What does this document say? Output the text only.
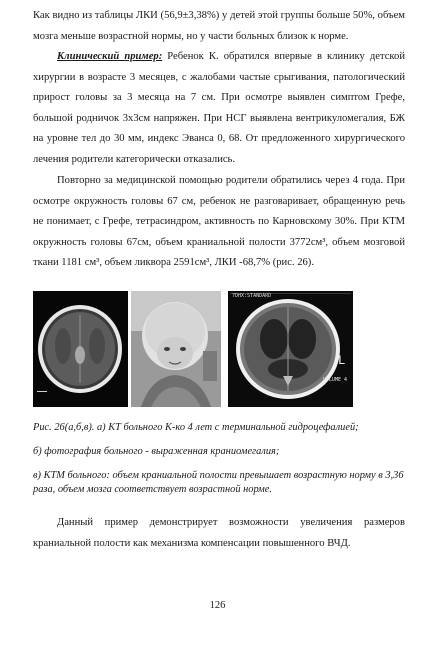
Как видно из таблицы ЛКИ (56,9±3,38%) у детей этой группы больше 50%, объем мозга меньше возрастной нормы, но у части больных близок к норме.

Клинический пример: Ребенок К. обратился впервые в клинику детской хирургии в возрасте 3 месяцев, с жалобами частые срыгивания, патологический прирост головы за 3 месяца на 7 см. При осмотре выявлен симптом Грефе, большой родничок 3х3см напряжен. При НСГ выявлена вентрикуломегалия, БЖ на уровне тел до 30 мм, индекс Эванса 0, 68. От предложенного хирургического лечения родители категорически отказались.

Повторно за медицинской помощью родители обратились через 4 года. При осмотре окружность головы 67 см, ребенок не разговаривает, обращенную речь не понимает, с Грефе, тетрасиндром, активность по Карновскому 30%. При КТМ окружность головы 67см, объем краниальной полости 3772см³, объем мозговой ткани 1181 см³, объем ликвора 2591см³, ЛКИ -68,7% (рис. 26).

7DHX:STANDARD
L
VOLUME 4

Рис. 26(а,б,в). а) КТ больного К-ко 4 лет с терминальной гидроцефалией;

б) фотография больного - выраженная краниомегалия;

в) КТМ больного: объем краниальной полости превышает возрастную норму в 3,36 раза, объем мозга соответствует возрастной норме.

Данный пример демонстрирует возможности увеличения размеров краниальной полости как механизма компенсации повышенного ВЧД.

126
